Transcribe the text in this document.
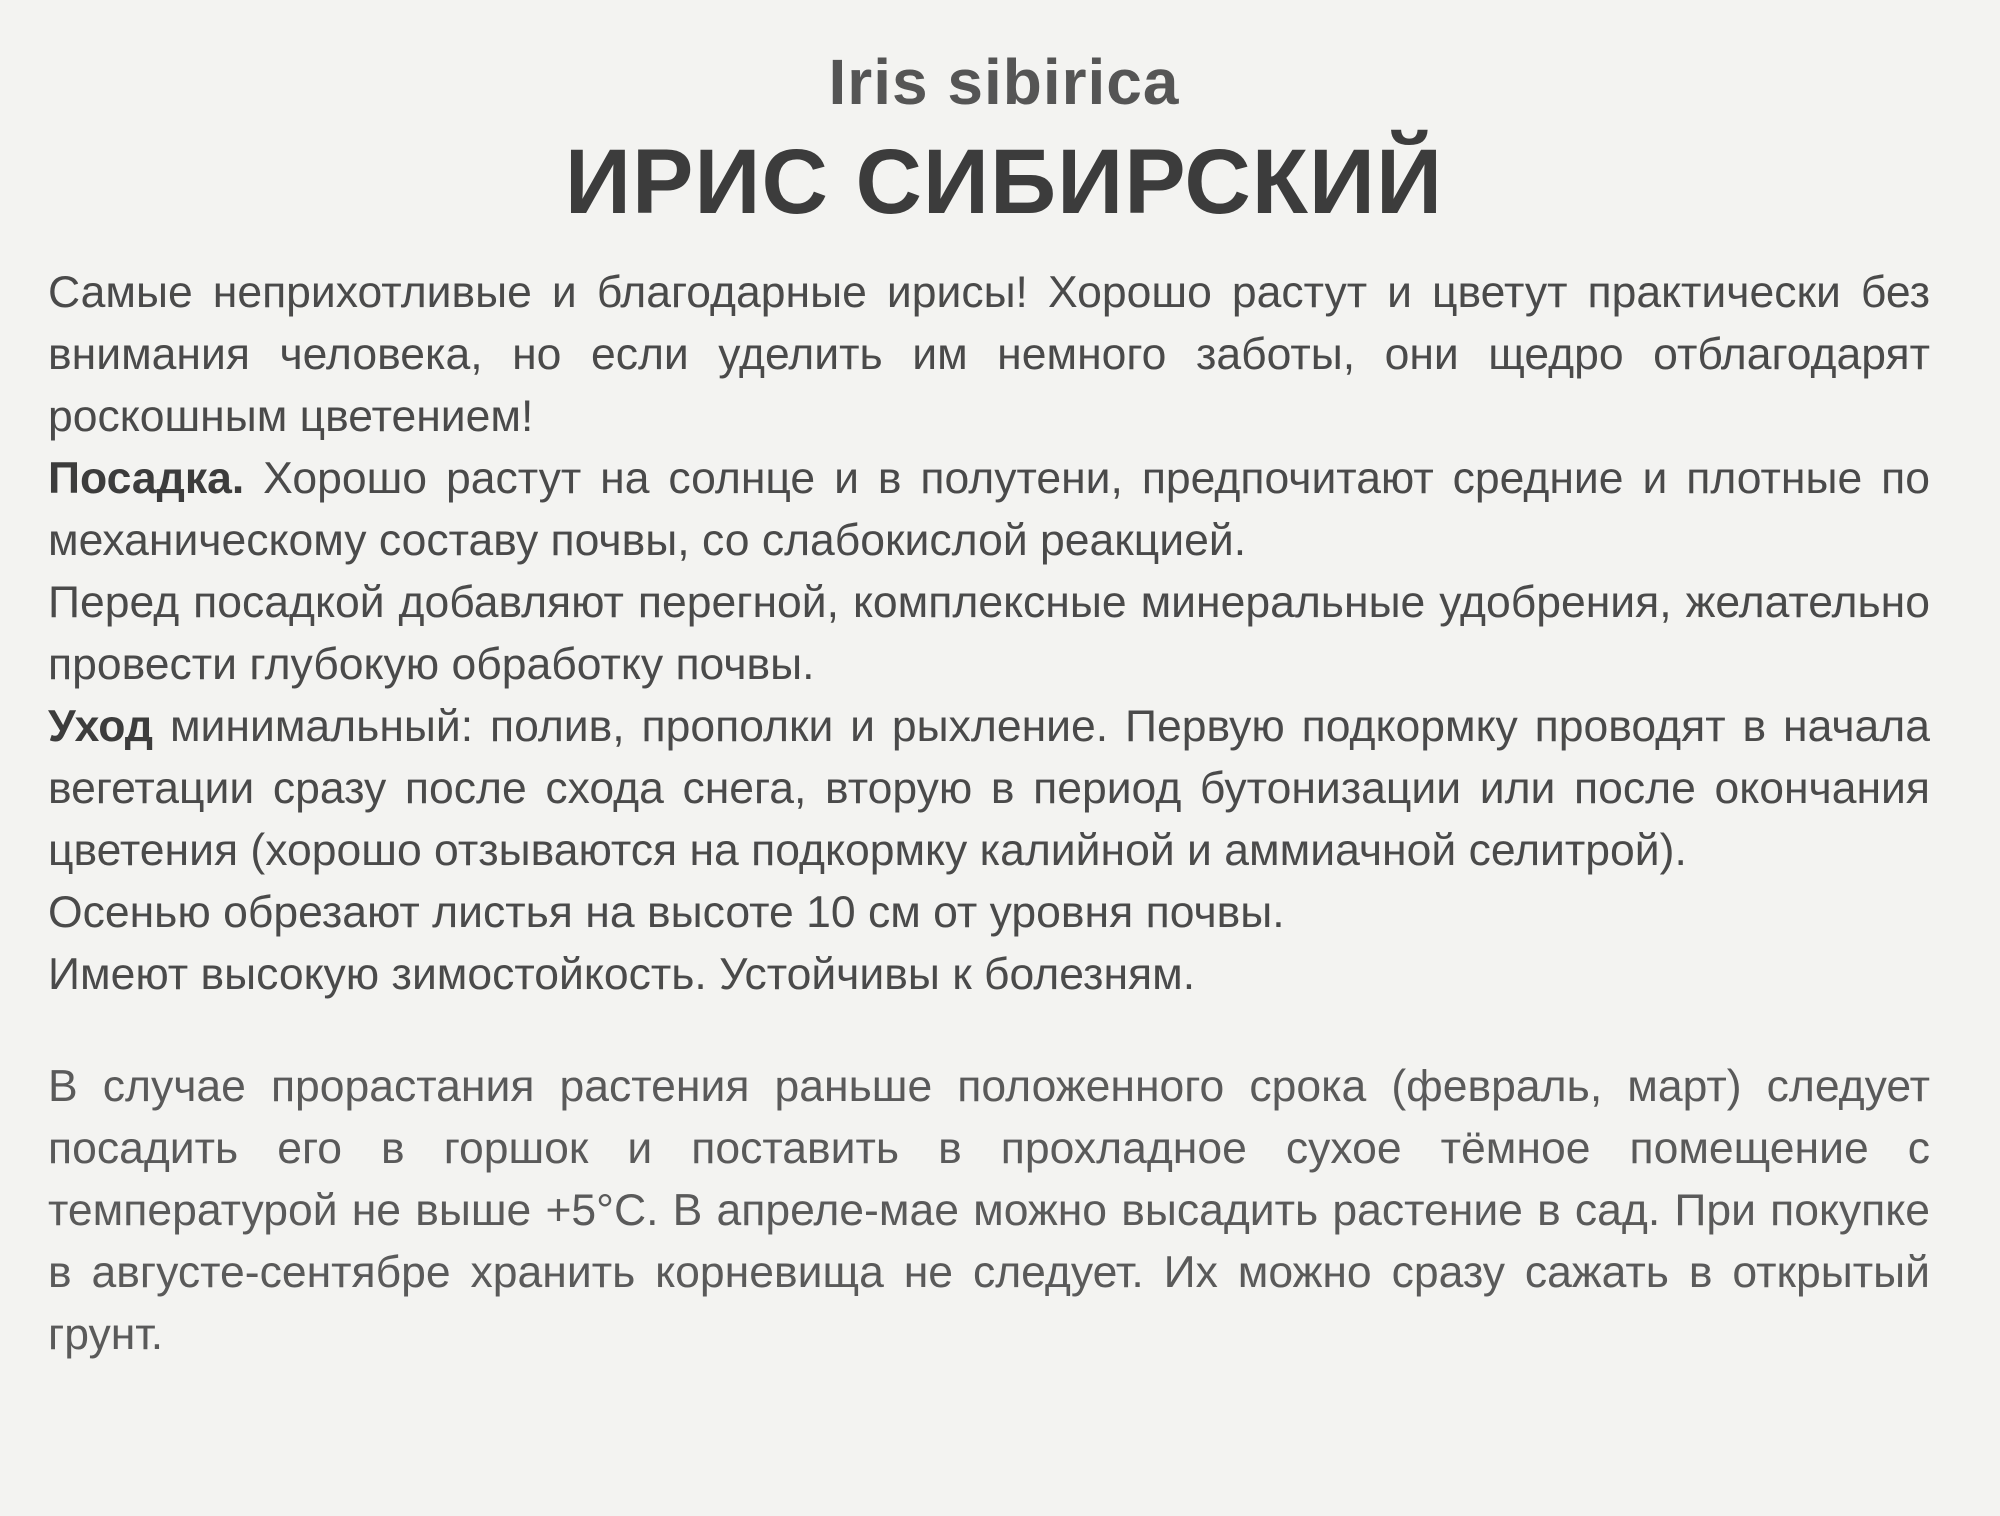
Iris sibirica
ИРИС СИБИРСКИЙ

Самые неприхотливые и благодарные ирисы! Хорошо растут и цветут практически без внимания человека, но если уделить им немного заботы, они щедро отблагодарят роскошным цветением!

Посадка. Хорошо растут на солнце и в полутени, предпочитают средние и плотные по механическому составу почвы, со слабокислой реакцией.

Перед посадкой добавляют перегной, комплексные минеральные удобрения, желательно провести глубокую обработку почвы.

Уход минимальный: полив, прополки и рыхление. Первую подкормку проводят в начала вегетации сразу после схода снега, вторую в период бутонизации или после окончания цветения (хорошо отзываются на подкормку калийной и аммиачной селитрой).

Осенью обрезают листья на высоте 10 см от уровня почвы.

Имеют высокую зимостойкость. Устойчивы к болезням.

В случае прорастания растения раньше положенного срока (февраль, март) следует посадить его в горшок и поставить в прохладное сухое тёмное помещение с температурой не выше +5°С. В апреле-мае можно высадить растение в сад. При покупке в августе-сентябре хранить корневища не следует. Их можно сразу сажать в открытый грунт.
